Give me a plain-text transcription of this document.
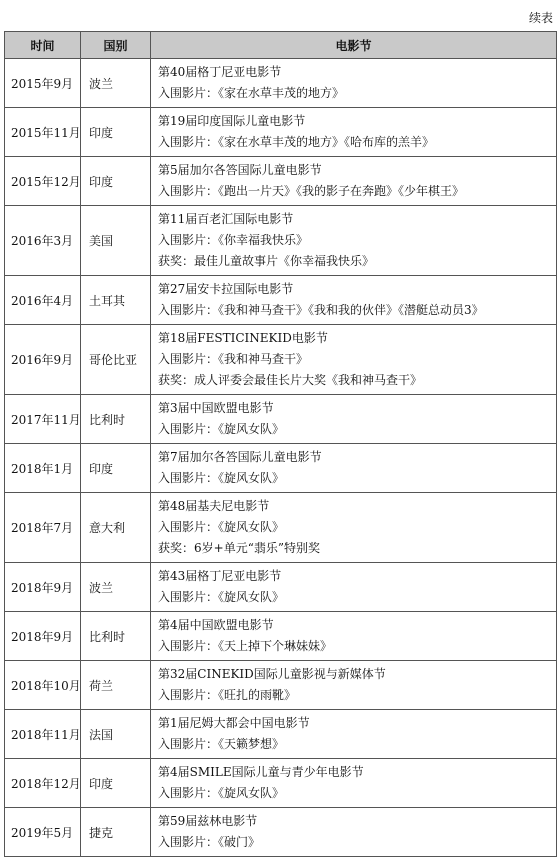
续表
时间	国别	电影节
2015年9月	波兰	第40届格丁尼亚电影节
入围影片：《家在水草丰茂的地方》

2015年11月	印度	第19届印度国际儿童电影节
入围影片：《家在水草丰茂的地方》《哈布库的羔羊》

2015年12月	印度	第5届加尔各答国际儿童电影节
入围影片：《跑出一片天》《我的影子在奔跑》《少年棋王》

2016年3月	美国	第11届百老汇国际电影节
入围影片：《你幸福我快乐》
获奖：最佳儿童故事片《你幸福我快乐》

2016年4月	土耳其	第27届安卡拉国际电影节
入围影片：《我和神马查干》《我和我的伙伴》《潜艇总动员3》

2016年9月	哥伦比亚	第18届FESTICINEKID电影节
入围影片：《我和神马查干》
获奖：成人评委会最佳长片大奖《我和神马查干》

2017年11月	比利时	第3届中国欧盟电影节
入围影片：《旋风女队》

2018年1月	印度	第7届加尔各答国际儿童电影节
入围影片：《旋风女队》

2018年7月	意大利	第48届基夫尼电影节
入围影片：《旋风女队》
获奖：6岁+单元“翡乐”特别奖

2018年9月	波兰	第43届格丁尼亚电影节
入围影片：《旋风女队》

2018年9月	比利时	第4届中国欧盟电影节
入围影片：《天上掉下个琳妹妹》

2018年10月	荷兰	第32届CINEKID国际儿童影视与新媒体节
入围影片：《旺扎的雨靴》

2018年11月	法国	第1届尼姆大都会中国电影节
入围影片：《天籁梦想》

2018年12月	印度	第4届SMILE国际儿童与青少年电影节
入围影片：《旋风女队》

2019年5月	捷克	第59届兹林电影节
入围影片：《破门》
